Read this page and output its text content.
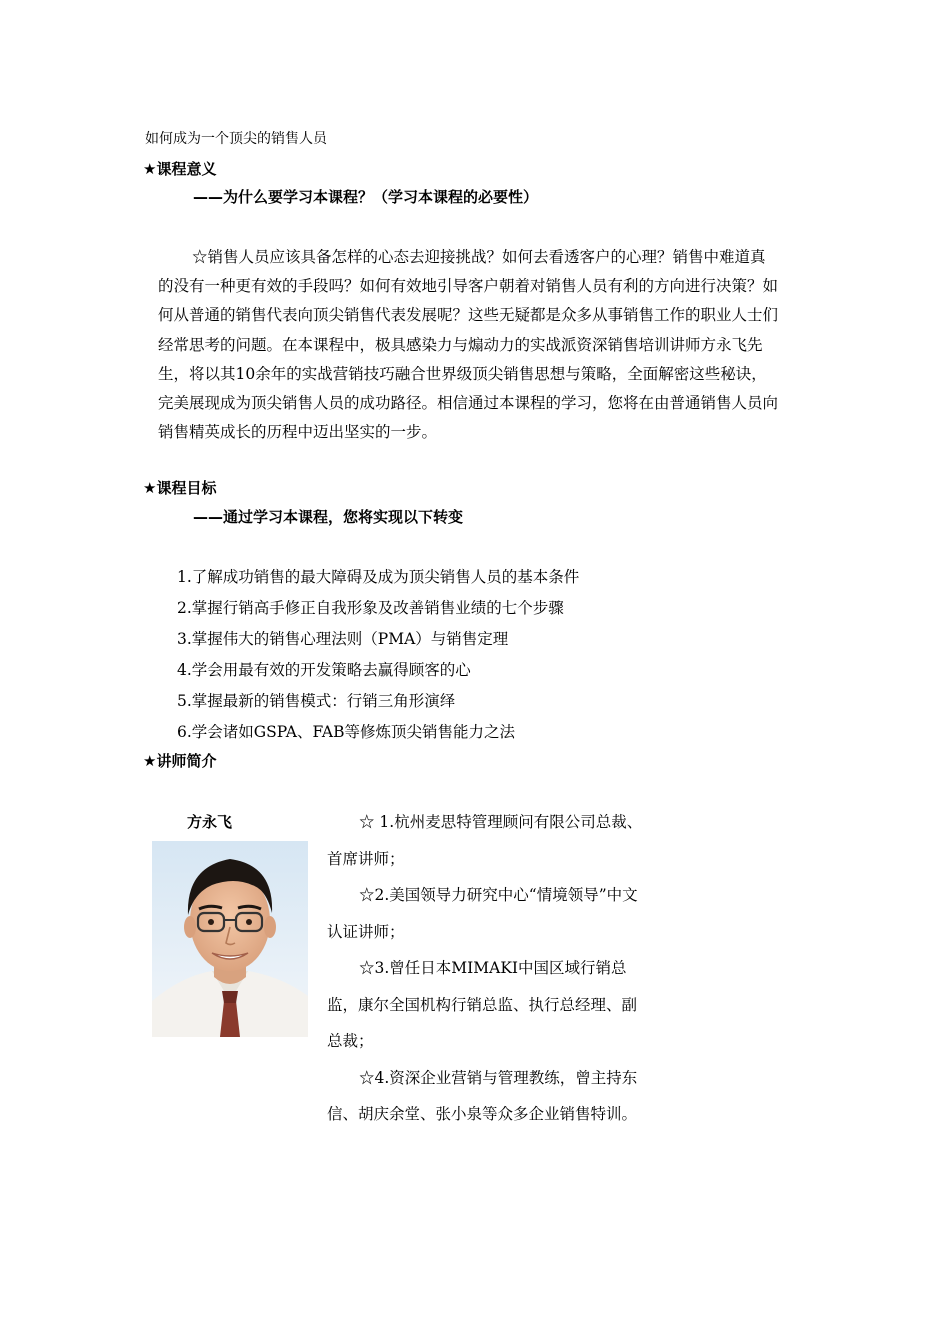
如何成为一个顶尖的销售人员
★课程意义
——为什么要学习本课程？（学习本课程的必要性）

☆销售人员应该具备怎样的心态去迎接挑战？如何去看透客户的心理？销售中难道真的没有一种更有效的手段吗？如何有效地引导客户朝着对销售人员有利的方向进行决策？如何从普通的销售代表向顶尖销售代表发展呢？这些无疑都是众多从事销售工作的职业人士们经常思考的问题。在本课程中，极具感染力与煽动力的实战派资深销售培训讲师方永飞先生，将以其10余年的实战营销技巧融合世界级顶尖销售思想与策略，全面解密这些秘诀，完美展现成为顶尖销售人员的成功路径。相信通过本课程的学习，您将在由普通销售人员向销售精英成长的历程中迈出坚实的一步。

★课程目标
——通过学习本课程，您将实现以下转变
1.了解成功销售的最大障碍及成为顶尖销售人员的基本条件
2.掌握行销高手修正自我形象及改善销售业绩的七个步骤
3.掌握伟大的销售心理法则（PMA）与销售定理
4.学会用最有效的开发策略去赢得顾客的心
5.掌握最新的销售模式：行销三角形演绎
6.学会诸如GSPA、FAB等修炼顶尖销售能力之法
★讲师简介
方永飞	☆ 1.杭州麦思特管理顾问有限公司总裁、首席讲师；

☆2.美国领导力研究中心“情境领导”中文认证讲师；

☆3.曾任日本MIMAKI中国区域行销总监，康尔全国机构行销总监、执行总经理、副总裁；

☆4.资深企业营销与管理教练，曾主持东信、胡庆余堂、张小泉等众多企业销售特训。
